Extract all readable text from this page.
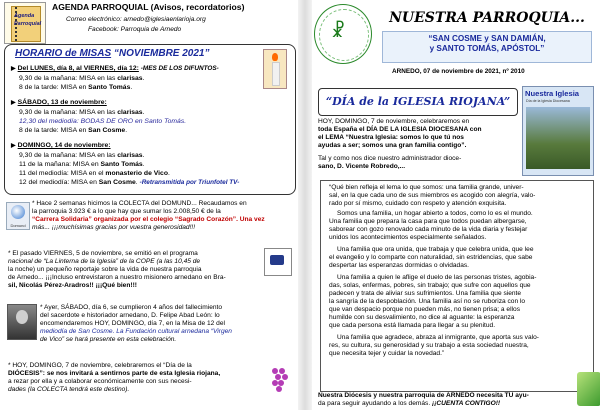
Agenda
Parroquial
AGENDA PARROQUIAL (Avisos, recordatorios)
Correo electrónico: arnedo@iglesiaenlarioja.org
Facebook: Parroquia de Arnedo
HORARIO de MISAS “NOVIEMBRE 2021”
▶ Del LUNES, día 8, al VIERNES, día 12: -MES DE LOS DIFUNTOS-
9,30 de la mañana: MISA en las clarisas.
8 de la tarde: MISA en Santo Tomás.
▶ SÁBADO, 13 de noviembre:
9,30 de la mañana: MISA en las clarisas.
12,30 del mediodía: BODAS DE ORO en Santo Tomás.
8 de la tarde: MISA en San Cosme.
▶ DOMINGO, 14 de noviembre:
9,30 de la mañana: MISA en las clarisas.
11 de la mañana: MISA en Santo Tomás.
11 del mediodía: MISA en el monasterio de Vico.
12 del mediodía: MISA en San Cosme. -Retransmitida por Triunfotel TV-
Domund
* Hace 2 semanas hicimos la COLECTA del DOMUND... Recaudamos en
la parroquia 3.923 € a lo que hay que sumar los 2.008,50 € de la
“Carrera Solidaria” organizada por el colegio “Sagrado Corazón”. Una vez
más... ¡¡¡muchísimas gracias por vuestra generosidad!!!
* El pasado VIERNES, 5 de noviembre, se emitió en el programa
nacional de “La Linterna de la Iglesia” de la COPE (a las 10,45 de
la noche) un pequeño reportaje sobre la vida de nuestra parroquia
de Arnedo... ¡¡¡Incluso entrevistaron a nuestro misionero arnedano en Bra-
sil, Nicolás Pérez-Aradros!! ¡¡¡Qué bien!!!
* Ayer, SÁBADO, día 6, se cumplieron 4 años del fallecimiento
del sacerdote e historiador arnedano, D. Felipe Abad León: lo
encomendaremos HOY, DOMINGO, día 7, en la Misa de 12 del
mediodía de San Cosme. La Fundación cultural arnedana “Virgen
de Vico” se hará presente en esta celebración.
* HOY, DOMINGO, 7 de noviembre, celebraremos el “Día de la
DIÓCESIS”: se nos invitará a sentirnos parte de esta Iglesia riojana,
a rezar por ella y a colaborar económicamente con sus necesi-
dades (la COLECTA tendrá este destino).
☧
NUESTRA PARROQUIA...
“SAN COSME y SAN DAMIÁN,
y SANTO TOMÁS, APÓSTOL”
ARNEDO, 07 de noviembre de 2021, nº 2010
“DÍA de la IGLESIA RIOJANA”
Nuestra Iglesia
Día de la Iglesia Diocesana
HOY, DOMINGO, 7 de noviembre, celebraremos en
toda España el DÍA DE LA IGLESIA DIOCESANA con
el LEMA “Nuestra Iglesia: somos lo que tú nos
ayudas a ser; somos una gran familia contigo”.
Tal y como nos dice nuestro administrador dioce-
sano, D. Vicente Robredo,...
“Qué bien refleja el lema lo que somos: una familia grande, univer-
sal, en la que cada uno de sus miembros es acogido con alegría, valo-
rado por sí mismo, cuidado con respeto y atención exquisita.
Somos una familia, un hogar abierto a todos, como lo es el mundo.
Una familia que prepara la casa para que todos puedan albergarse,
saborear con gozo renovado cada minuto de la vida diaria y festejar
unidos los acontecimientos especialmente señalados.
Una familia que ora unida, que trabaja y que celebra unida, que lee
el evangelio y lo comparte con naturalidad, sin estridencias, que sabe
despertar las esperanzas dormidas o olvidadas.
Una familia a quien le aflige el duelo de las personas tristes, agobia-
das, solas, enfermas, pobres, sin trabajo; que sufre con aquellos que
padecen y trata de aliviar sus sufrimientos. Una familia que siente
la sangría de la despoblación. Una familia así no se ruboriza con lo
que van despacio porque no pueden más, no tienen prisa; a ellos
humilde con su desvalimiento, no dice al aguante: la esperanza
que cada persona está llamada para llegar a su plenitud.
Una familia que agradece, abraza al inmigrante, que aporta sus valo-
res, su cultura, su generosidad y su trabajo a esta sociedad nuestra,
que necesita tejer y cuidar la novedad.”
Nuestra Diócesis y nuestra parroquia de ARNEDO necesita TU ayu-
da para seguir ayudando a los demás. ¡¡CUENTA CONTIGO!!
